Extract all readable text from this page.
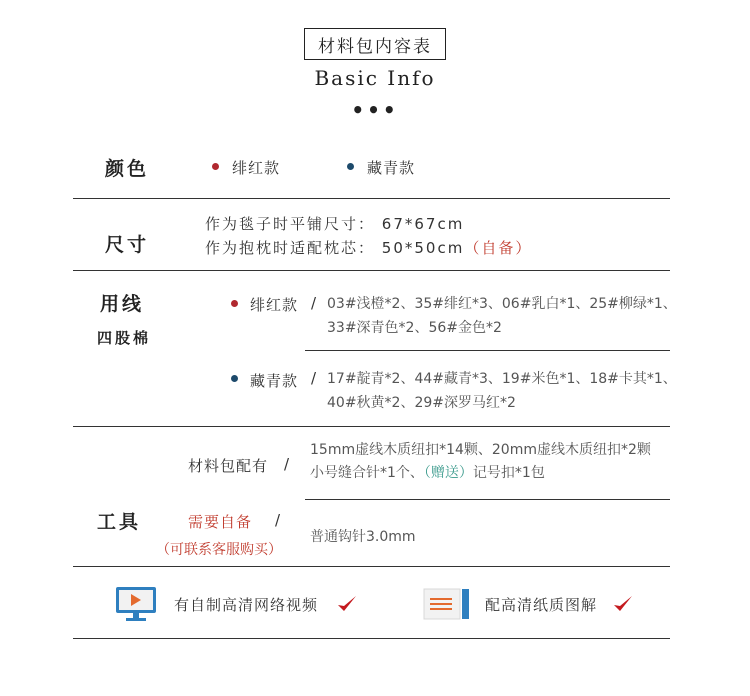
材料包内容表
Basic Info
•••
颜色	绯红款	藏青款
尺寸
作为毯子时平铺尺寸： 67*67cm
作为抱枕时适配枕芯： 50*50cm（自备）
用线
四股棉
绯红款 / 03#浅橙*2、35#绯红*3、06#乳白*1、25#柳绿*1、
33#深青色*2、56#金色*2
藏青款 / 17#靛青*2、44#藏青*3、19#米色*1、18#卡其*1、
40#秋黄*2、29#深罗马红*2
工具
材料包配有 /
15mm虚线木质纽扣*14颗、20mm虚线木质纽扣*2颗
小号缝合针*1个、（赠送）记号扣*1包
需要自备 /
（可联系客服购买）
普通钩针3.0mm
有自制高清网络视频	配高清纸质图解
